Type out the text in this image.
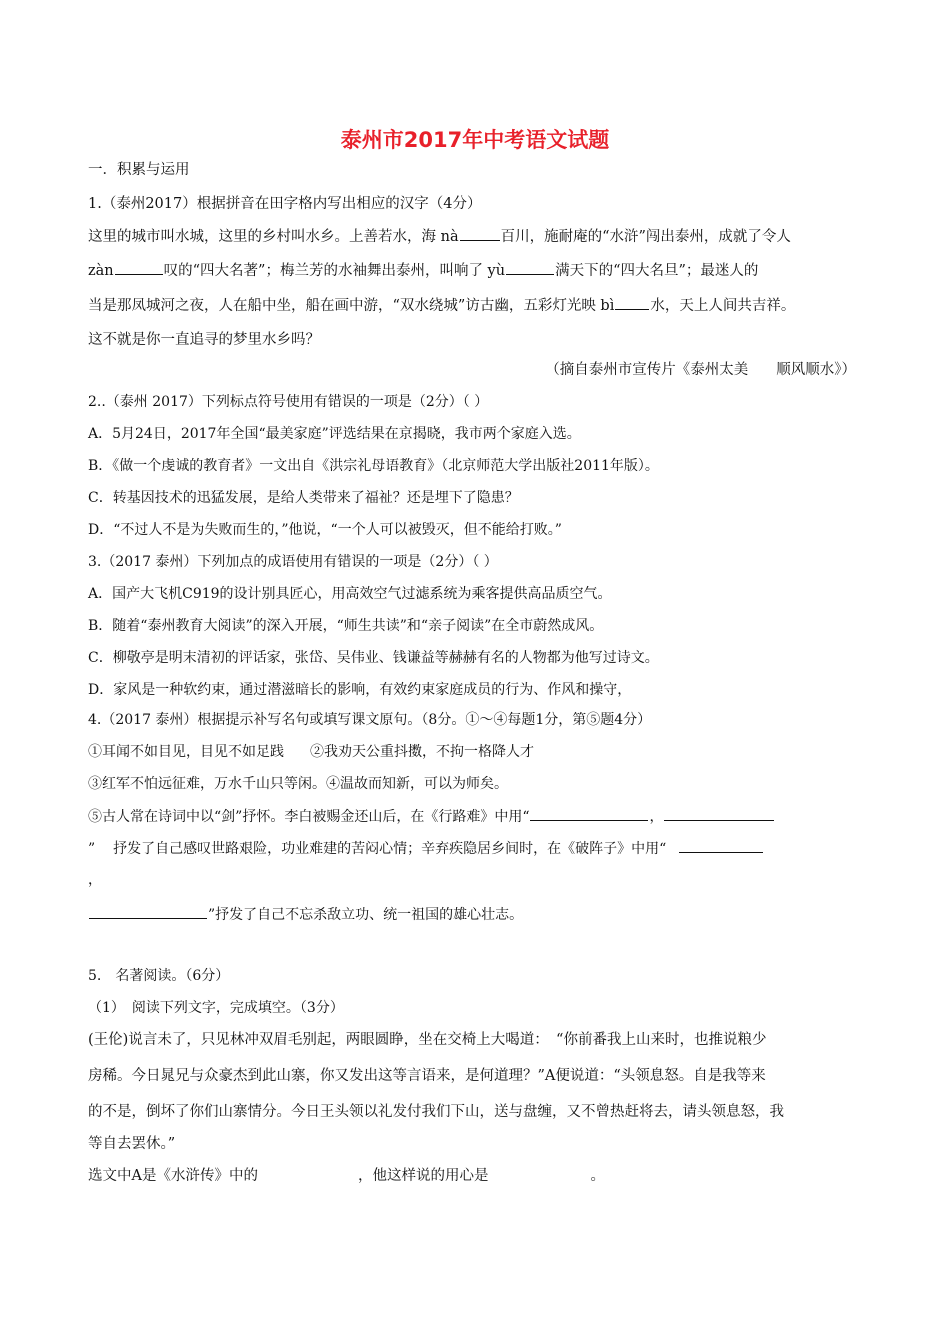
泰州市2017年中考语文试题
一．积累与运用
1.（泰州2017）根据拼音在田字格内写出相应的汉字（4分）
这里的城市叫水城，这里的乡村叫水乡。上善若水，海 nà	百川，施耐庵的“水浒”闯出泰州，成就了令人
zàn	叹的“四大名著”；梅兰芳的水袖舞出泰州，叫响了 yù	满天下的“四大名旦”；最迷人的
当是那凤城河之夜，人在船中坐，船在画中游，“双水绕城”访古幽，五彩灯光映 bì 水，天上人间共吉祥。
这不就是你一直追寻的梦里水乡吗？
（摘自泰州市宣传片《泰州太美 顺风顺水》）
2..（泰州 2017）下列标点符号使用有错误的一项是（2分）（ ）
A．5月24日，2017年全国“最美家庭”评选结果在京揭晓，我市两个家庭入选。
B．《做一个虔诚的教育者》一文出自《洪宗礼母语教育》（北京师范大学出版社2011年版）。
C．转基因技术的迅猛发展，是给人类带来了福祉？还是埋下了隐患？
D．“不过人不是为失败而生的，”他说，“一个人可以被毁灭，但不能给打败。”
3.（2017 泰州）下列加点的成语使用有错误的一项是（2分）（ ）
A．国产大飞机C919的设计别具匠心，用高效空气过滤系统为乘客提供高品质空气。
B．随着“泰州教育大阅读”的深入开展，“师生共读”和“亲子阅读”在全市蔚然成风。
C．柳敬亭是明末清初的评话家，张岱、吴伟业、钱谦益等赫赫有名的人物都为他写过诗文。
D．家风是一种软约束，通过潜滋暗长的影响，有效约束家庭成员的行为、作风和操守，
4.（2017 泰州）根据提示补写名句或填写课文原句。（8分。①～④每题1分，第⑤题4分）
①耳闻不如目见，目见不如足践 ②我劝天公重抖擞，不拘一格降人才
③红军不怕远征难，万水千山只等闲。④温故而知新，可以为师矣。
⑤古人常在诗词中以“剑”抒怀。李白被赐金还山后，在《行路难》中用“	，
” 抒发了自己感叹世路艰险，功业难建的苦闷心情；辛弃疾隐居乡间时，在《破阵子》中用“
，
”抒发了自己不忘杀敌立功、统一祖国的雄心壮志。
5.　名著阅读。（6分）
（1）　阅读下列文字，完成填空。（3分）
(王伦)说言未了，只见林冲双眉毛别起，两眼圆睁，坐在交椅上大喝道：　“你前番我上山来时，也推说粮少
房稀。今日晁兄与众豪杰到此山寨，你又发出这等言语来，是何道理？”A便说道：“头领息怒。自是我等来
的不是，倒坏了你们山寨情分。今日王头领以礼发付我们下山，送与盘缠，又不曾热赶将去，请头领息怒，我
等自去罢休。”
选文中A是《水浒传》中的	，他这样说的用心是	。
